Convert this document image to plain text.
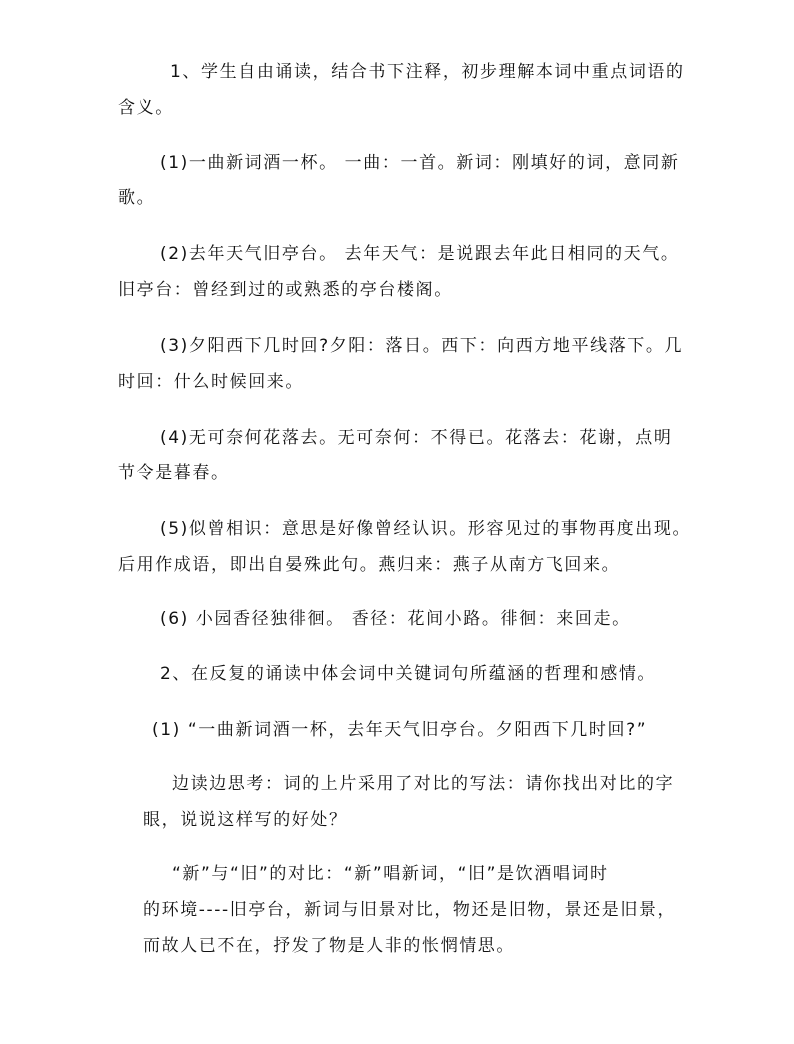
1、学生自由诵读，结合书下注释，初步理解本词中重点词语的
含义。
(1)一曲新词酒一杯。 一曲：一首。新词：刚填好的词，意同新
歌。
(2)去年天气旧亭台。 去年天气：是说跟去年此日相同的天气。
旧亭台：曾经到过的或熟悉的亭台楼阁。
(3)夕阳西下几时回?夕阳：落日。西下：向西方地平线落下。几
时回：什么时候回来。
(4)无可奈何花落去。无可奈何：不得已。花落去：花谢，点明
节令是暮春。
(5)似曾相识：意思是好像曾经认识。形容见过的事物再度出现。
后用作成语，即出自晏殊此句。燕归来：燕子从南方飞回来。
(6) 小园香径独徘徊。 香径：花间小路。徘徊：来回走。
2、在反复的诵读中体会词中关键词句所蕴涵的哲理和感情。
(1) “一曲新词酒一杯，去年天气旧亭台。夕阳西下几时回?”
边读边思考：词的上片采用了对比的写法：请你找出对比的字
眼，说说这样写的好处？
“新”与“旧”的对比：“新”唱新词，“旧”是饮酒唱词时
的环境----旧亭台，新词与旧景对比，物还是旧物，景还是旧景，
而故人已不在，抒发了物是人非的怅惘情思。
